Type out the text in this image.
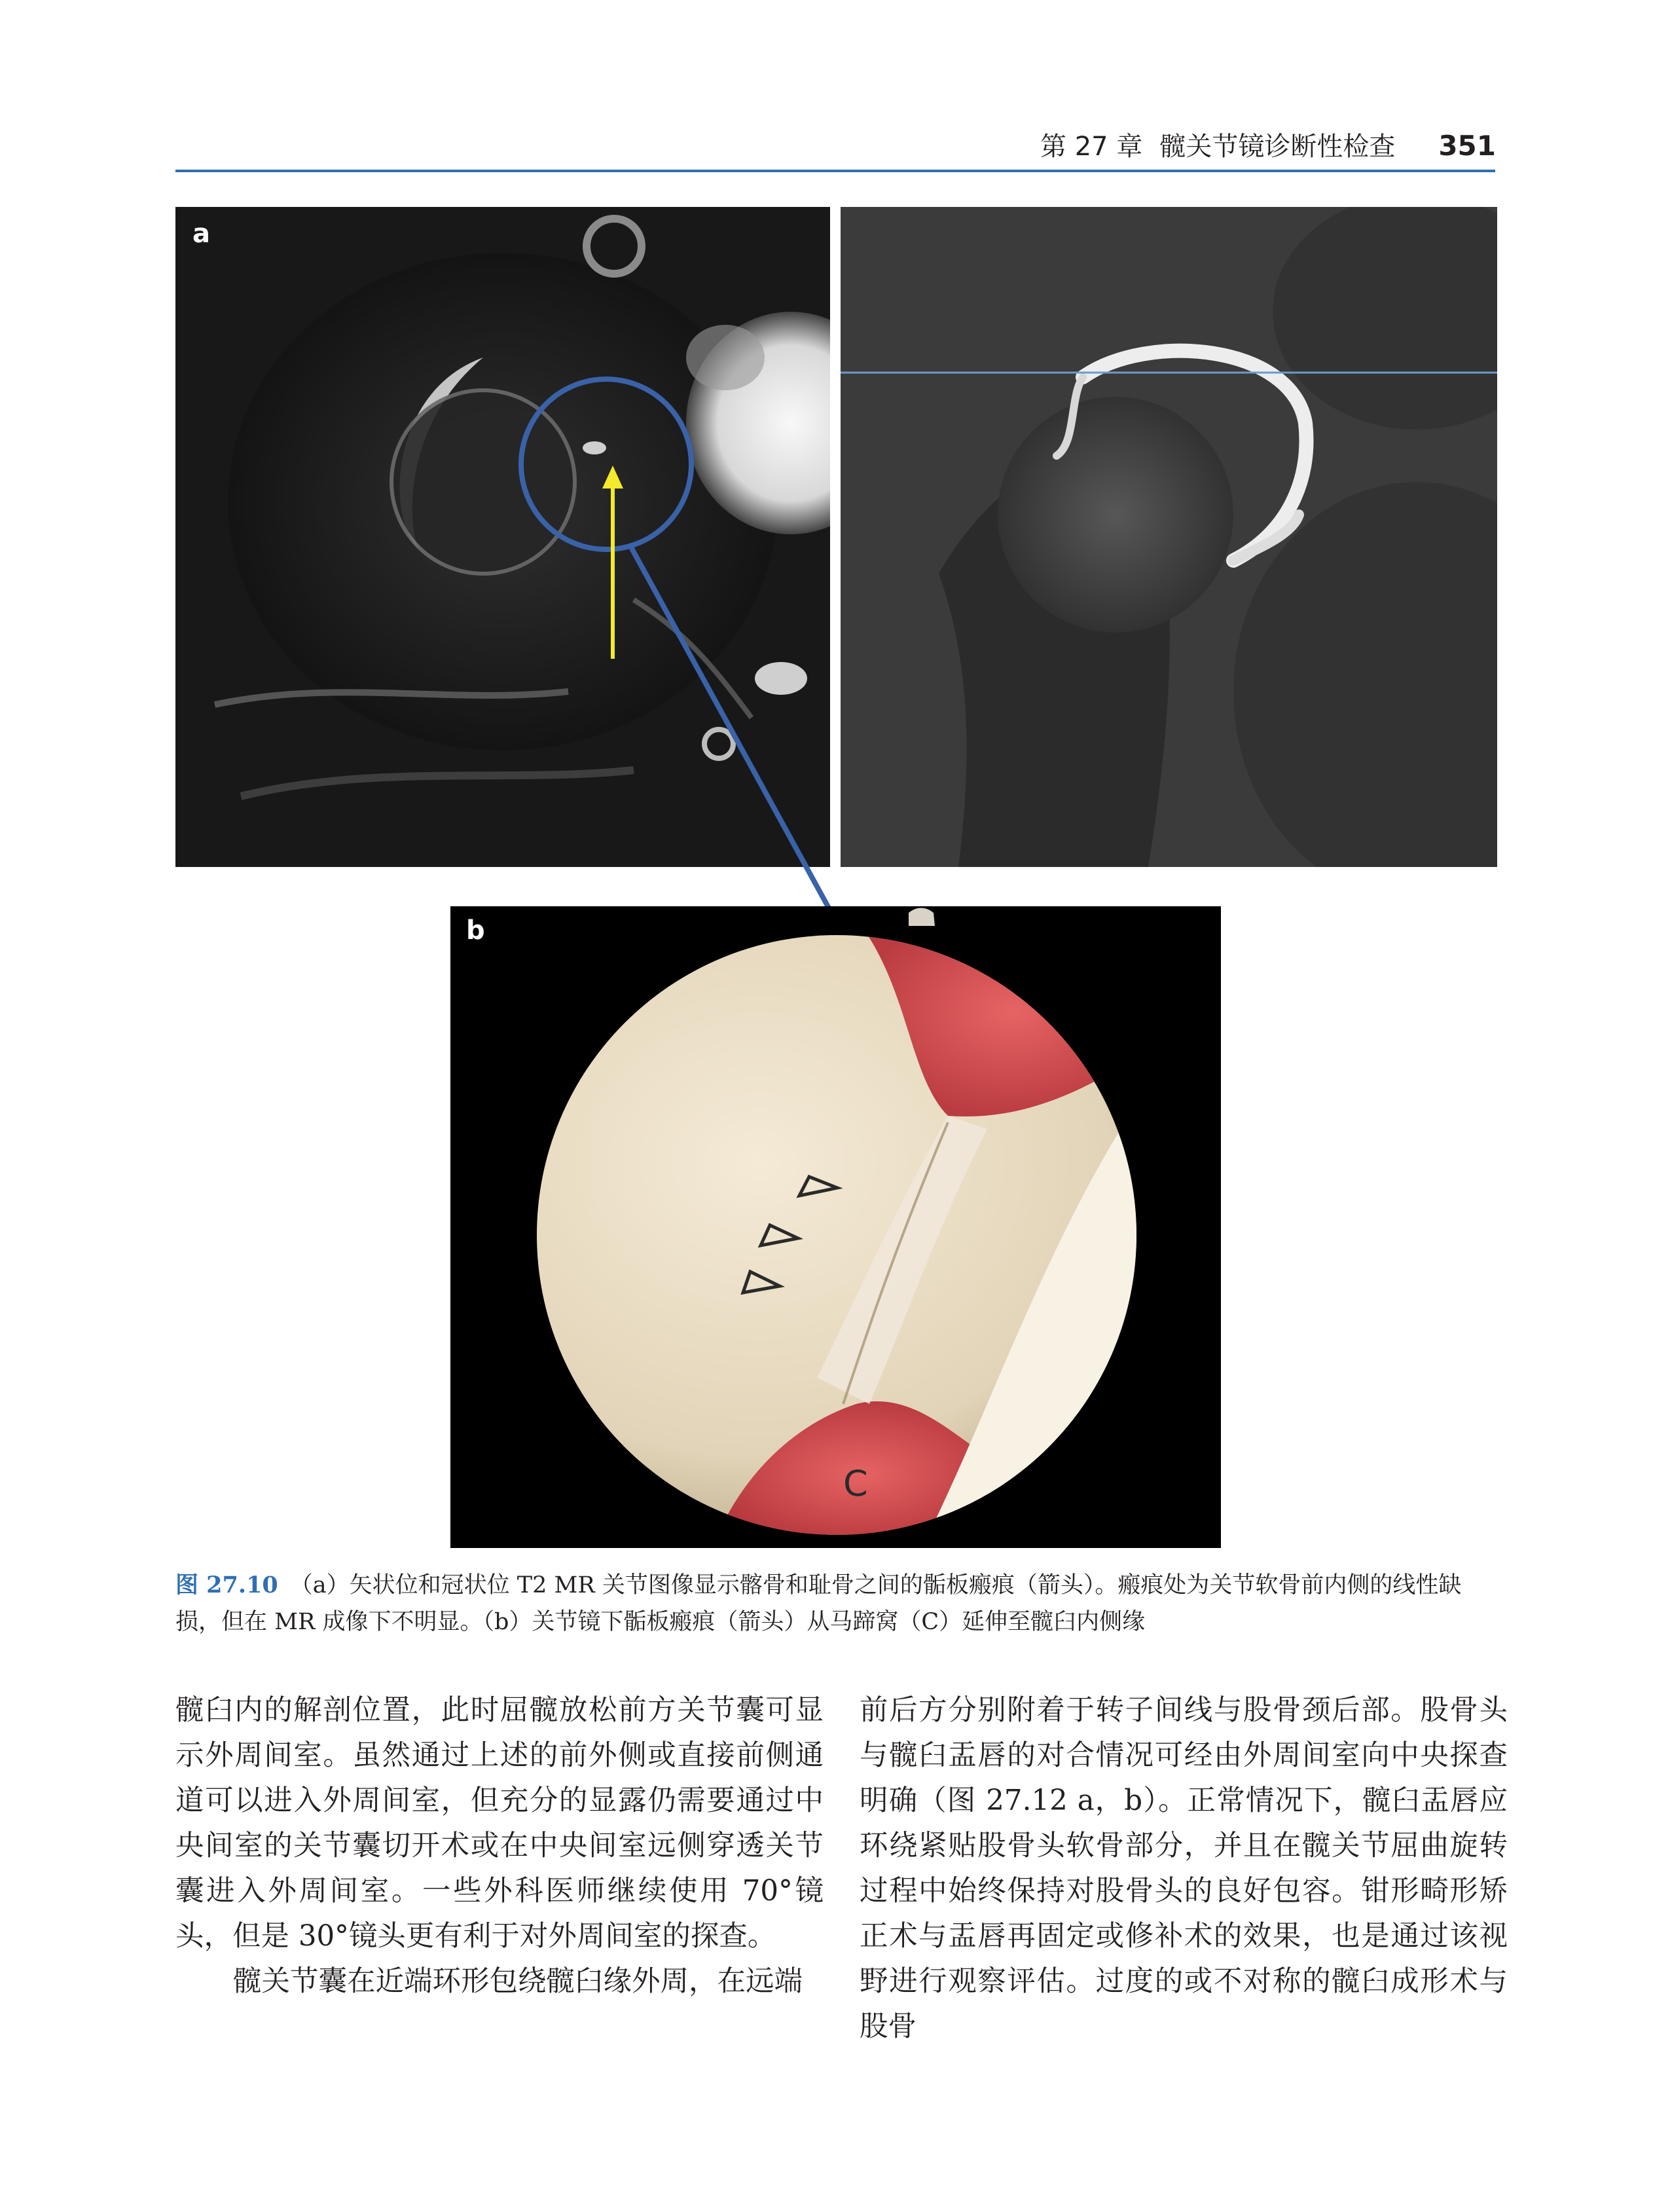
第 27 章 髋关节镜诊断性检查 351
a
C
b
图 27.10 （a）矢状位和冠状位 T2 MR 关节图像显示髂骨和耻骨之间的骺板瘢痕（箭头）。瘢痕处为关节软骨前内侧的线性缺损，但在 MR 成像下不明显。（b）关节镜下骺板瘢痕（箭头）从马蹄窝（C）延伸至髋臼内侧缘

髋臼内的解剖位置，此时屈髋放松前方关节囊可显示外周间室。虽然通过上述的前外侧或直接前侧通道可以进入外周间室，但充分的显露仍需要通过中央间室的关节囊切开术或在中央间室远侧穿透关节囊进入外周间室。一些外科医师继续使用 70°镜头，但是 30°镜头更有利于对外周间室的探查。

髋关节囊在近端环形包绕髋臼缘外周，在远端

前后方分别附着于转子间线与股骨颈后部。股骨头与髋臼盂唇的对合情况可经由外周间室向中央探查明确（图 27.12 a，b）。正常情况下，髋臼盂唇应环绕紧贴股骨头软骨部分，并且在髋关节屈曲旋转过程中始终保持对股骨头的良好包容。钳形畸形矫正术与盂唇再固定或修补术的效果，也是通过该视野进行观察评估。过度的或不对称的髋臼成形术与股骨
